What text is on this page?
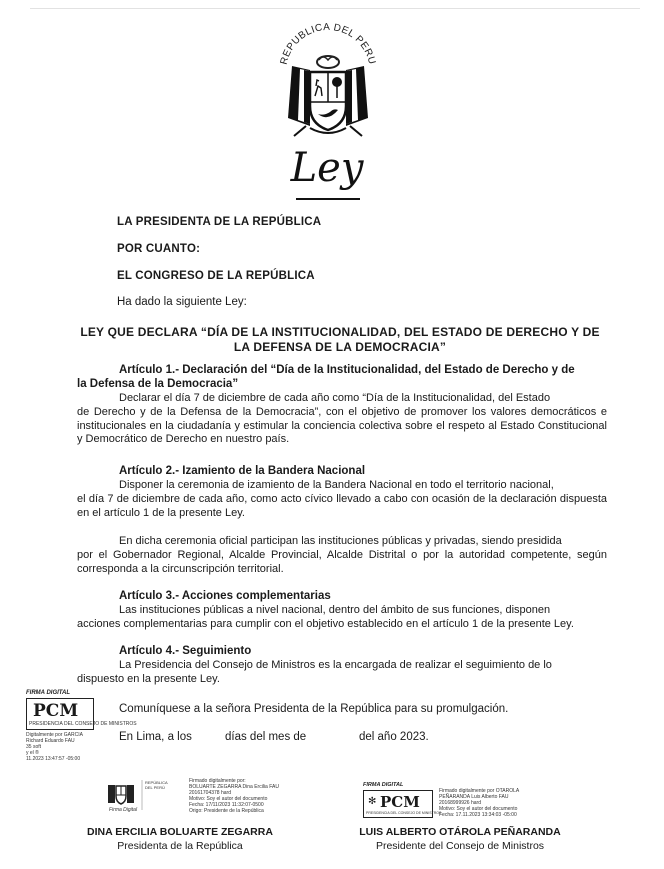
REPUBLICA DEL PERU
Ley
LA PRESIDENTA DE LA REPÚBLICA
POR CUANTO:
EL CONGRESO DE LA REPÚBLICA
Ha dado la siguiente Ley:
LEY QUE DECLARA “DÍA DE LA INSTITUCIONALIDAD, DEL ESTADO DE DERECHO Y DE
LA DEFENSA DE LA DEMOCRACIA”
Artículo 1.- Declaración del “Día de la Institucionalidad, del Estado de Derecho y de
la Defensa de la Democracia”
Declarar el día 7 de diciembre de cada año como “Día de la Institucionalidad, del Estado
de Derecho y de la Defensa de la Democracia”, con el objetivo de promover los valores democráticos e institucionales en la ciudadanía y estimular la conciencia colectiva sobre el respeto al Estado Constitucional y Democrático de Derecho en nuestro país.
Artículo 2.- Izamiento de la Bandera Nacional
Disponer la ceremonia de izamiento de la Bandera Nacional en todo el territorio nacional,
el día 7 de diciembre de cada año, como acto cívico llevado a cabo con ocasión de la declaración dispuesta en el artículo 1 de la presente Ley.
En dicha ceremonia oficial participan las instituciones públicas y privadas, siendo presidida
por el Gobernador Regional, Alcalde Provincial, Alcalde Distrital o por la autoridad competente, según corresponda a la circunscripción territorial.
Artículo 3.- Acciones complementarias
Las instituciones públicas a nivel nacional, dentro del ámbito de sus funciones, disponen
acciones complementarias para cumplir con el objetivo establecido en el artículo 1 de la presente Ley.
Artículo 4.- Seguimiento
La Presidencia del Consejo de Ministros es la encargada de realizar el seguimiento de lo
dispuesto en la presente Ley.
Comuníquese a la señora Presidenta de la República para su promulgación.
En Lima, a los	días del mes de	del año 2023.
FIRMA DIGITAL
PCM
PRESIDENCIA DEL CONSEJO DE MINISTROS
Digitalmente por GARCIA
Richard Eduardo FAU
35 soft
y el ®
11.2023 13:47:57 -05:00
Firma Digital
REPÚBLICA
DEL PERÚ
Firmado digitalmente por:
BOLUARTE ZEGARRA Dina Ercilia FAU
20161704378 hard
Motivo: Soy el autor del documento
Fecha: 17/11/2023 11:32:07-0500
Origo: Presidente de la República
DINA ERCILIA BOLUARTE ZEGARRA
Presidenta de la República
FIRMA DIGITAL
✻ PCM
PRESIDENCIA DEL CONSEJO DE MINISTROS
Firmado digitalmente por OTAROLA
PEÑARANDA Luis Alberto FAU
20168999926 hard
Motivo: Soy el autor del documento
Fecha: 17.11.2023 13:34:03 -05:00
LUIS ALBERTO OTÁROLA PEÑARANDA
Presidente del Consejo de Ministros
